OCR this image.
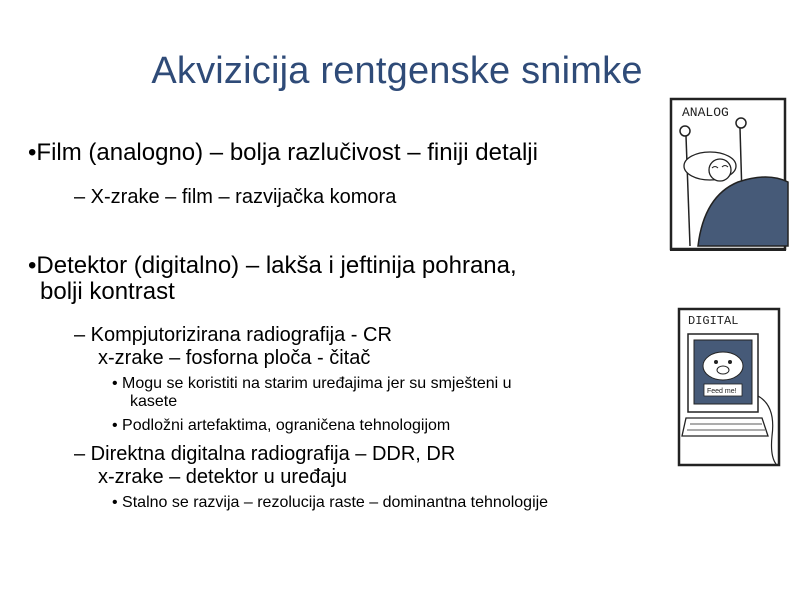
Akvizicija rentgenske snimke
•Film (analogno) – bolja razlučivost – finiji detalji
– X-zrake – film – razvijačka komora
•Detektor (digitalno) – lakša i jeftinija pohrana,
bolji kontrast
– Kompjutorizirana radiografija - CR
x-zrake – fosforna ploča - čitač
• Mogu se koristiti na starim uređajima jer su smješteni u
kasete
• Podložni artefaktima, ograničena tehnologijom
– Direktna digitalna radiografija – DDR, DR
x-zrake – detektor u uređaju
• Stalno se razvija – rezolucija raste – dominantna tehnologije
ANALOG
DIGITAL
Feed me!
